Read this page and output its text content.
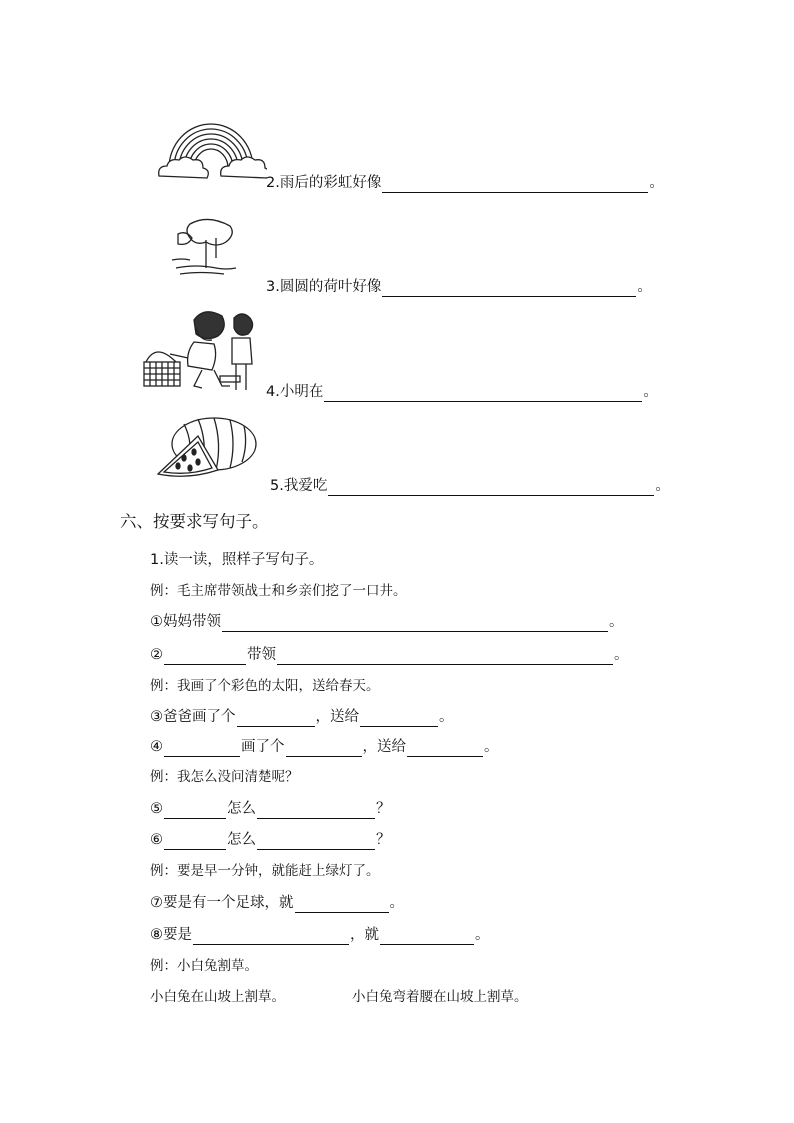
2.雨后的彩虹好像	。
3.圆圆的荷叶好像	。
4.小明在	。
5.我爱吃	。
六、按要求写句子。
1.读一读，照样子写句子。
例：毛主席带领战士和乡亲们挖了一口井。
①妈妈带领	。
②	带领	。
例：我画了个彩色的太阳，送给春天。
③爸爸画了个	，送给	。
④	画了个	，送给	。
例：我怎么没问清楚呢？
⑤	怎么	？
⑥	怎么	？
例：要是早一分钟，就能赶上绿灯了。
⑦要是有一个足球，就	。
⑧要是	，就	。
例：小白兔割草。
小白兔在山坡上割草。	小白兔弯着腰在山坡上割草。
